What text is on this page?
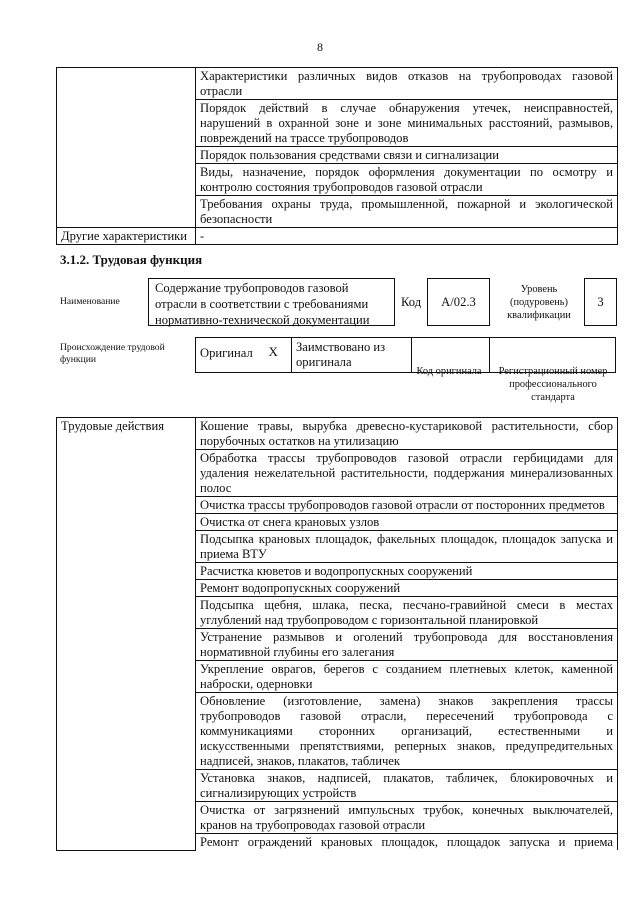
8
	Характеристики различных видов отказов на трубопроводах газовой отрасли
	Порядок действий в случае обнаружения утечек, неисправностей, нарушений в охранной зоне и зоне минимальных расстояний, размывов, повреждений на трассе трубопроводов
	Порядок пользования средствами связи и сигнализации
	Виды, назначение, порядок оформления документации по осмотру и контролю состояния трубопроводов газовой отрасли
	Требования охраны труда, промышленной, пожарной и экологической безопасности
Другие характеристики	-
3.1.2. Трудовая функция
Наименование
Содержание трубопроводов газовой отрасли в соответствии с требованиями нормативно-технической документации
Код	А/02.3
Уровень (подуровень) квалификации
3
Происхождение трудовой функции	Оригинал	X	Заимствовано из оригинала		
Код оригинала	Регистрационный номер профессионального стандарта
Трудовые действия	Кошение травы, вырубка древесно-кустариковой растительности, сбор порубочных остатков на утилизацию
Обработка трассы трубопроводов газовой отрасли гербицидами для удаления нежелательной растительности, поддержания минерализованных полос
Очистка трассы трубопроводов газовой отрасли от посторонних предметов
Очистка от снега крановых узлов
Подсыпка крановых площадок, факельных площадок, площадок запуска и приема ВТУ
Расчистка кюветов и водопропускных сооружений
Ремонт водопропускных сооружений
Подсыпка щебня, шлака, песка, песчано-гравийной смеси в местах углублений над трубопроводом с горизонтальной планировкой
Устранение размывов и оголений трубопровода для восстановления нормативной глубины его залегания
Укрепление оврагов, берегов с созданием плетневых клеток, каменной наброски, одерновки
Обновление (изготовление, замена) знаков закрепления трассы трубопроводов газовой отрасли, пересечений трубопровода с коммуникациями сторонних организаций, естественными и искусственными препятствиями, реперных знаков, предупредительных надписей, знаков, плакатов, табличек
Установка знаков, надписей, плакатов, табличек, блокировочных и сигнализирующих устройств
Очистка от загрязнений импульсных трубок, конечных выключателей, кранов на трубопроводах газовой отрасли
Ремонт ограждений крановых площадок, площадок запуска и приема
